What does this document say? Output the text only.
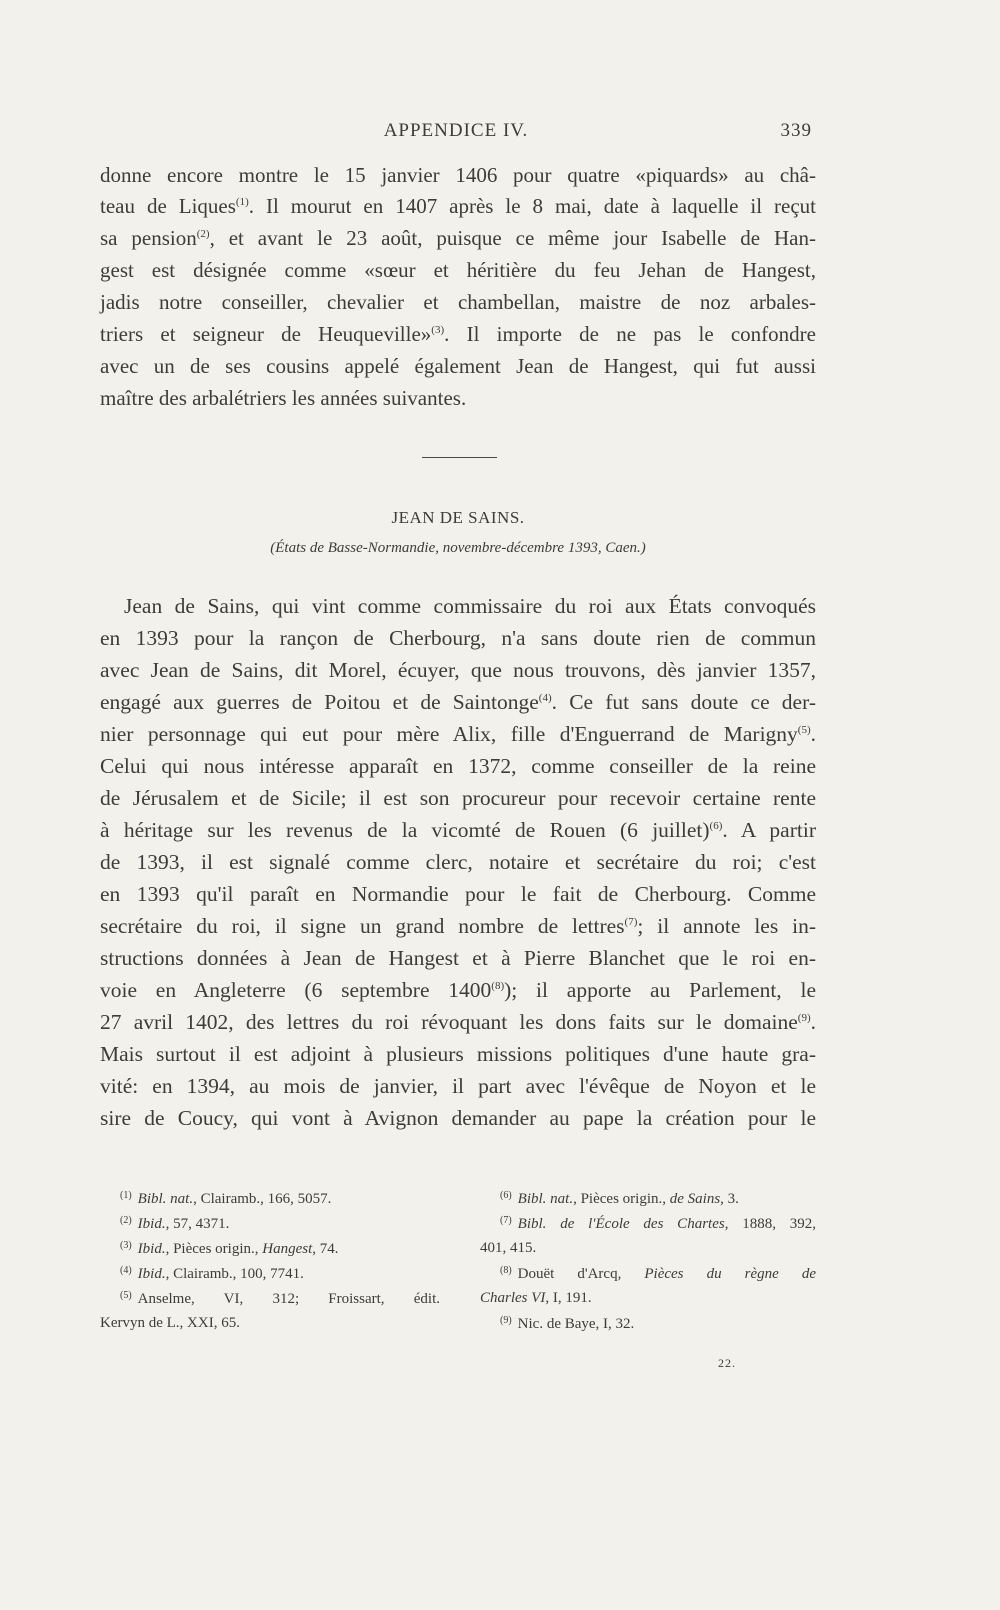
APPENDICE IV.	339
donne encore montre le 15 janvier 1406 pour quatre «piquards» au châ-
teau de Liques$^{(1)}$. Il mourut en 1407 après le 8 mai, date à laquelle il reçut
sa pension$^{(2)}$, et avant le 23 août, puisque ce même jour Isabelle de Han-
gest est désignée comme «sœur et héritière du feu Jehan de Hangest,
jadis notre conseiller, chevalier et chambellan, maistre de noz arbales-
triers et seigneur de Heuqueville»$^{(3)}$. Il importe de ne pas le confondre
avec un de ses cousins appelé également Jean de Hangest, qui fut aussi
maître des arbalétriers les années suivantes.
JEAN DE SAINS.
(États de Basse-Normandie, novembre-décembre 1393, Caen.)
Jean de Sains, qui vint comme commissaire du roi aux États convoqués
en 1393 pour la rançon de Cherbourg, n'a sans doute rien de commun
avec Jean de Sains, dit Morel, écuyer, que nous trouvons, dès janvier 1357,
engagé aux guerres de Poitou et de Saintonge$^{(4)}$. Ce fut sans doute ce der-
nier personnage qui eut pour mère Alix, fille d'Enguerrand de Marigny$^{(5)}$.
Celui qui nous intéresse apparaît en 1372, comme conseiller de la reine
de Jérusalem et de Sicile; il est son procureur pour recevoir certaine rente
à héritage sur les revenus de la vicomté de Rouen (6 juillet)$^{(6)}$. A partir
de 1393, il est signalé comme clerc, notaire et secrétaire du roi; c'est
en 1393 qu'il paraît en Normandie pour le fait de Cherbourg. Comme
secrétaire du roi, il signe un grand nombre de lettres$^{(7)}$; il annote les in-
structions données à Jean de Hangest et à Pierre Blanchet que le roi en-
voie en Angleterre (6 septembre 1400$^{(8)}$); il apporte au Parlement, le
27 avril 1402, des lettres du roi révoquant les dons faits sur le domaine$^{(9)}$.
Mais surtout il est adjoint à plusieurs missions politiques d'une haute gra-
vité: en 1394, au mois de janvier, il part avec l'évêque de Noyon et le
sire de Coucy, qui vont à Avignon demander au pape la création pour le
$^{(1)}$ Bibl. nat., Clairamb., 166, 5057.
$^{(2)}$ Ibid., 57, 4371.
$^{(3)}$ Ibid., Pièces origin., Hangest, 74.
$^{(4)}$ Ibid., Clairamb., 100, 7741.
$^{(5)}$ Anselme, VI, 312; Froissart, édit.
Kervyn de L., XXI, 65.
$^{(6)}$ Bibl. nat., Pièces origin., de Sains, 3.
$^{(7)}$ Bibl. de l'École des Chartes, 1888, 392,
401, 415.
$^{(8)}$ Douët d'Arcq, Pièces du règne de
Charles VI, I, 191.
$^{(9)}$ Nic. de Baye, I, 32.
22.
